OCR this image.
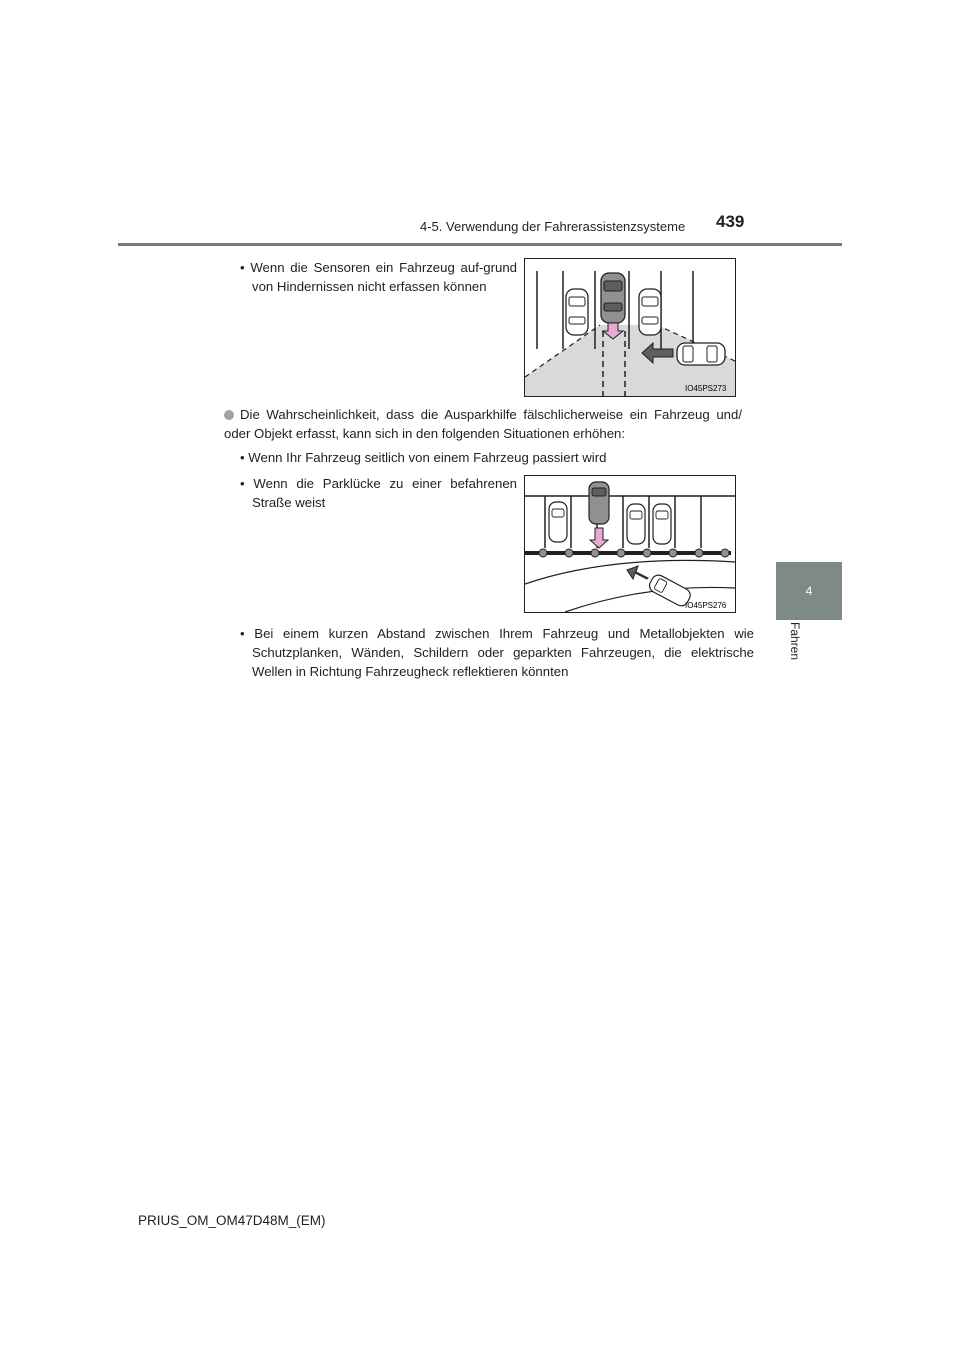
4-5. Verwendung der Fahrerassistenzsysteme 439
4
Fahren
• Wenn die Sensoren ein Fahrzeug auf-grund von Hindernissen nicht erfassen können
IO45PS273
Die Wahrscheinlichkeit, dass die Ausparkhilfe fälschlicherweise ein Fahrzeug und/ oder Objekt erfasst, kann sich in den folgenden Situationen erhöhen:
• Wenn Ihr Fahrzeug seitlich von einem Fahrzeug passiert wird
• Wenn die Parklücke zu einer befahrenen Straße weist
IO45PS276
• Bei einem kurzen Abstand zwischen Ihrem Fahrzeug und Metallobjekten wie Schutzplanken, Wänden, Schildern oder geparkten Fahrzeugen, die elektrische Wellen in Richtung Fahrzeugheck reflektieren könnten
PRIUS_OM_OM47D48M_(EM)
